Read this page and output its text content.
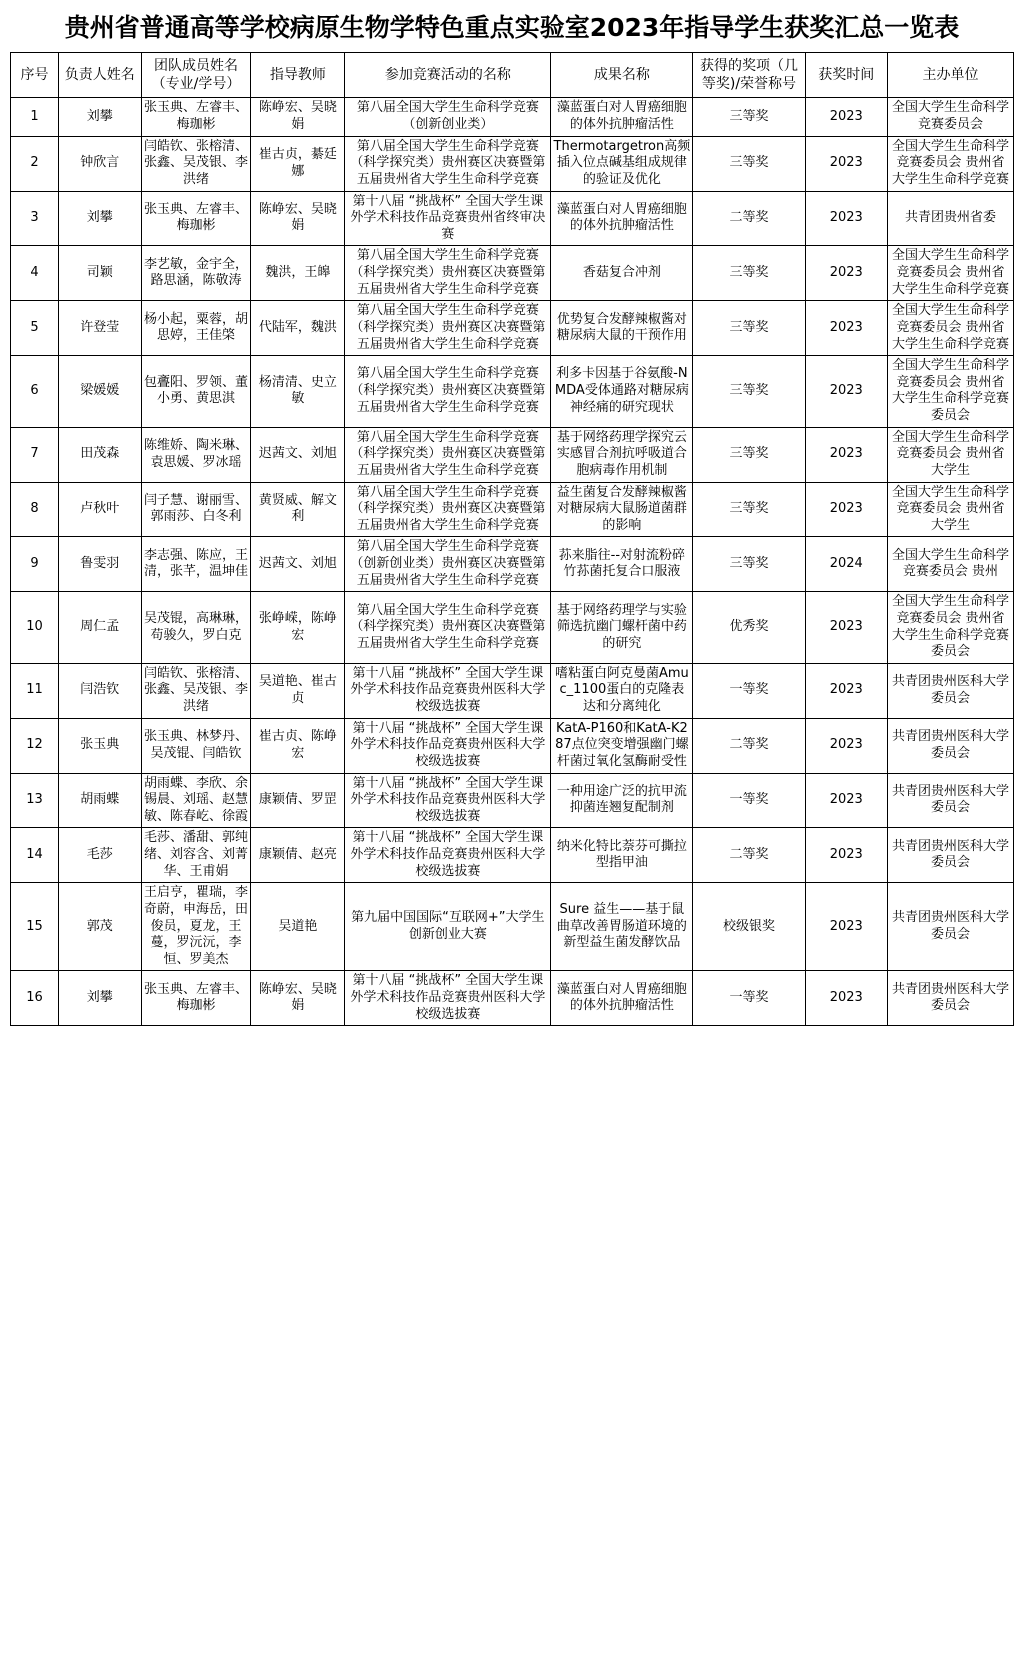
贵州省普通高等学校病原生物学特色重点实验室2023年指导学生获奖汇总一览表
序号	负责人姓名	团队成员姓名（专业/学号）	指导教师	参加竞赛活动的名称	成果名称	获得的奖项（几等奖)/荣誉称号	获奖时间	主办单位
1	刘攀	张玉典、左睿丰、梅珈彬	陈峥宏、吴晓娟	第八届全国大学生生命科学竞赛（创新创业类）	藻蓝蛋白对人胃癌细胞的体外抗肿瘤活性	三等奖	2023	全国大学生生命科学竞赛委员会
2	钟欣言	闫皓钦、张榕清、张鑫、吴茂银、李洪绪	崔古贞，綦廷娜	第八届全国大学生生命科学竞赛（科学探究类）贵州赛区决赛暨第五届贵州省大学生生命科学竞赛	Thermotargetron高频插入位点碱基组成规律的验证及优化	三等奖	2023	全国大学生生命科学竞赛委员会 贵州省大学生生命科学竞赛
3	刘攀	张玉典、左睿丰、梅珈彬	陈峥宏、吴晓娟	第十八届 “挑战杯” 全国大学生课外学术科技作品竞赛贵州省终审决赛	藻蓝蛋白对人胃癌细胞的体外抗肿瘤活性	二等奖	2023	共青团贵州省委
4	司颖	李艺敏，金宇全，路思涵，陈敬涛	魏洪，王皞	第八届全国大学生生命科学竞赛（科学探究类）贵州赛区决赛暨第五届贵州省大学生生命科学竞赛	香菇复合冲剂	三等奖	2023	全国大学生生命科学竞赛委员会 贵州省大学生生命科学竞赛
5	许登莹	杨小起，粟蓉，胡思婷，王佳棨	代陆军，魏洪	第八届全国大学生生命科学竞赛（科学探究类）贵州赛区决赛暨第五届贵州省大学生生命科学竞赛	优势复合发酵辣椒酱对糖尿病大鼠的干预作用	三等奖	2023	全国大学生生命科学竞赛委员会 贵州省大学生生命科学竞赛
6	梁媛媛	包斖阳、罗领、董小勇、黄思淇	杨清清、史立敏	第八届全国大学生生命科学竞赛（科学探究类）贵州赛区决赛暨第五届贵州省大学生生命科学竞赛	利多卡因基于谷氨酸-NMDA受体通路对糖尿病神经痛的研究现状	三等奖	2023	全国大学生生命科学竞赛委员会 贵州省大学生生命科学竞赛委员会
7	田茂森	陈维娇、陶米琳、袁思媛、罗冰瑶	迟茜文、刘旭	第八届全国大学生生命科学竞赛（科学探究类）贵州赛区决赛暨第五届贵州省大学生生命科学竞赛	基于网络药理学探究云实感冒合剂抗呼吸道合胞病毒作用机制	三等奖	2023	全国大学生生命科学竞赛委员会 贵州省大学生
8	卢秋叶	闫子慧、谢丽雪、郭雨莎、白冬利	黄贤威、解文利	第八届全国大学生生命科学竞赛（科学探究类）贵州赛区决赛暨第五届贵州省大学生生命科学竞赛	益生菌复合发酵辣椒酱对糖尿病大鼠肠道菌群的影响	三等奖	2023	全国大学生生命科学竞赛委员会 贵州省大学生
9	鲁雯羽	李志强、陈应，王清，张芊，温坤佳	迟茜文、刘旭	第八届全国大学生生命科学竞赛（创新创业类）贵州赛区决赛暨第五届贵州省大学生生命科学竞赛	荪来脂往--对射流粉碎竹荪菌托复合口服液	三等奖	2024	全国大学生生命科学竞赛委员会 贵州
10	周仁孟	吴茂锟，高琳琳，苟骏久，罗白克	张峥嵘，陈峥宏	第八届全国大学生生命科学竞赛（科学探究类）贵州赛区决赛暨第五届贵州省大学生生命科学竞赛	基于网络药理学与实验筛选抗幽门螺杆菌中药的研究	优秀奖	2023	全国大学生生命科学竞赛委员会 贵州省大学生生命科学竞赛委员会
11	闫浩钦	闫皓钦、张榕清、张鑫、吴茂银、李洪绪	吴道艳、崔古贞	第十八届 “挑战杯” 全国大学生课外学术科技作品竞赛贵州医科大学校级选拔赛	嗜粘蛋白阿克曼菌Amuc_1100蛋白的克隆表达和分离纯化	一等奖	2023	共青团贵州医科大学委员会
12	张玉典	张玉典、林梦丹、吴茂锟、闫皓钦	崔古贞、陈峥宏	第十八届 “挑战杯” 全国大学生课外学术科技作品竞赛贵州医科大学校级选拔赛	KatA-P160和KatA-K287点位突变增强幽门螺杆菌过氧化氢酶耐受性	二等奖	2023	共青团贵州医科大学委员会
13	胡雨蝶	胡雨蝶、李欣、余锡晨、刘瑶、赵慧敏、陈春屹、徐霞	康颖倩、罗罡	第十八届 “挑战杯” 全国大学生课外学术科技作品竞赛贵州医科大学校级选拔赛	一种用途广泛的抗甲流抑菌连翘复配制剂	一等奖	2023	共青团贵州医科大学委员会
14	毛莎	毛莎、潘甜、郭纯绪、刘容含、刘菁华、王甫娟	康颖倩、赵亮	第十八届 “挑战杯” 全国大学生课外学术科技作品竞赛贵州医科大学校级选拔赛	纳米化特比萘芬可撕拉型指甲油	二等奖	2023	共青团贵州医科大学委员会
15	郭茂	王启亨，瞿瑞，李奇蔚，申海岳，田俊员，夏龙，王蔓，罗沅沅，李恒、罗美杰	吴道艳	第九届中国国际“互联网+”大学生创新创业大赛	Sure 益生——基于鼠曲草改善胃肠道环境的新型益生菌发酵饮品	校级银奖	2023	共青团贵州医科大学委员会
16	刘攀	张玉典、左睿丰、梅珈彬	陈峥宏、吴晓娟	第十八届 “挑战杯” 全国大学生课外学术科技作品竞赛贵州医科大学校级选拔赛	藻蓝蛋白对人胃癌细胞的体外抗肿瘤活性	一等奖	2023	共青团贵州医科大学委员会
